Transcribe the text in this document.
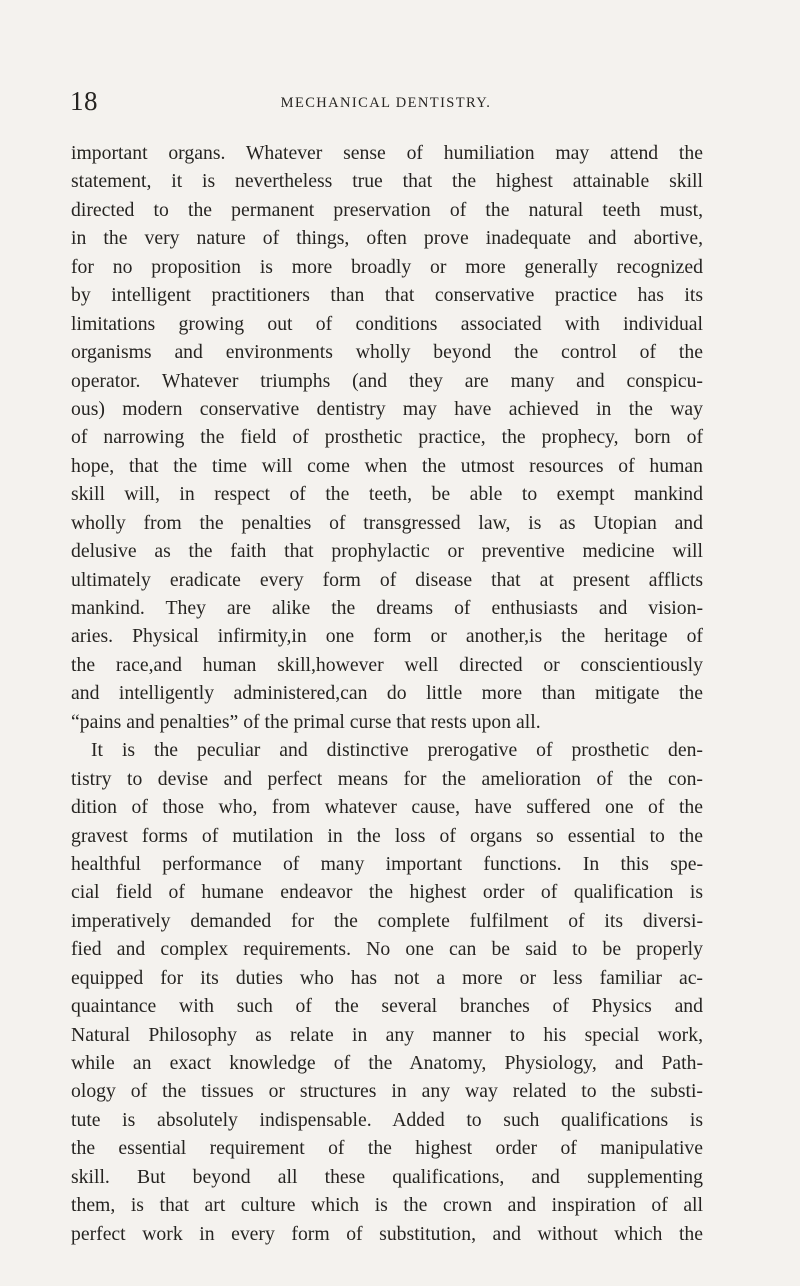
18	MECHANICAL DENTISTRY.
important organs. Whatever sense of humiliation may attend the
statement, it is nevertheless true that the highest attainable skill
directed to the permanent preservation of the natural teeth must,
in the very nature of things, often prove inadequate and abortive,
for no proposition is more broadly or more generally recognized
by intelligent practitioners than that conservative practice has its
limitations growing out of conditions associated with individual
organisms and environments wholly beyond the control of the
operator. Whatever triumphs (and they are many and conspicu-
ous) modern conservative dentistry may have achieved in the way
of narrowing the field of prosthetic practice, the prophecy, born of
hope, that the time will come when the utmost resources of human
skill will, in respect of the teeth, be able to exempt mankind
wholly from the penalties of transgressed law, is as Utopian and
delusive as the faith that prophylactic or preventive medicine will
ultimately eradicate every form of disease that at present afflicts
mankind. They are alike the dreams of enthusiasts and vision-
aries. Physical infirmity,in one form or another,is the heritage of
the race,and human skill,however well directed or conscientiously
and intelligently administered,can do little more than mitigate the
“pains and penalties” of the primal curse that rests upon all.
It is the peculiar and distinctive prerogative of prosthetic den-
tistry to devise and perfect means for the amelioration of the con-
dition of those who, from whatever cause, have suffered one of the
gravest forms of mutilation in the loss of organs so essential to the
healthful performance of many important functions. In this spe-
cial field of humane endeavor the highest order of qualification is
imperatively demanded for the complete fulfilment of its diversi-
fied and complex requirements. No one can be said to be properly
equipped for its duties who has not a more or less familiar ac-
quaintance with such of the several branches of Physics and
Natural Philosophy as relate in any manner to his special work,
while an exact knowledge of the Anatomy, Physiology, and Path-
ology of the tissues or structures in any way related to the substi-
tute is absolutely indispensable. Added to such qualifications is
the essential requirement of the highest order of manipulative
skill. But beyond all these qualifications, and supplementing
them, is that art culture which is the crown and inspiration of all
perfect work in every form of substitution, and without which the
